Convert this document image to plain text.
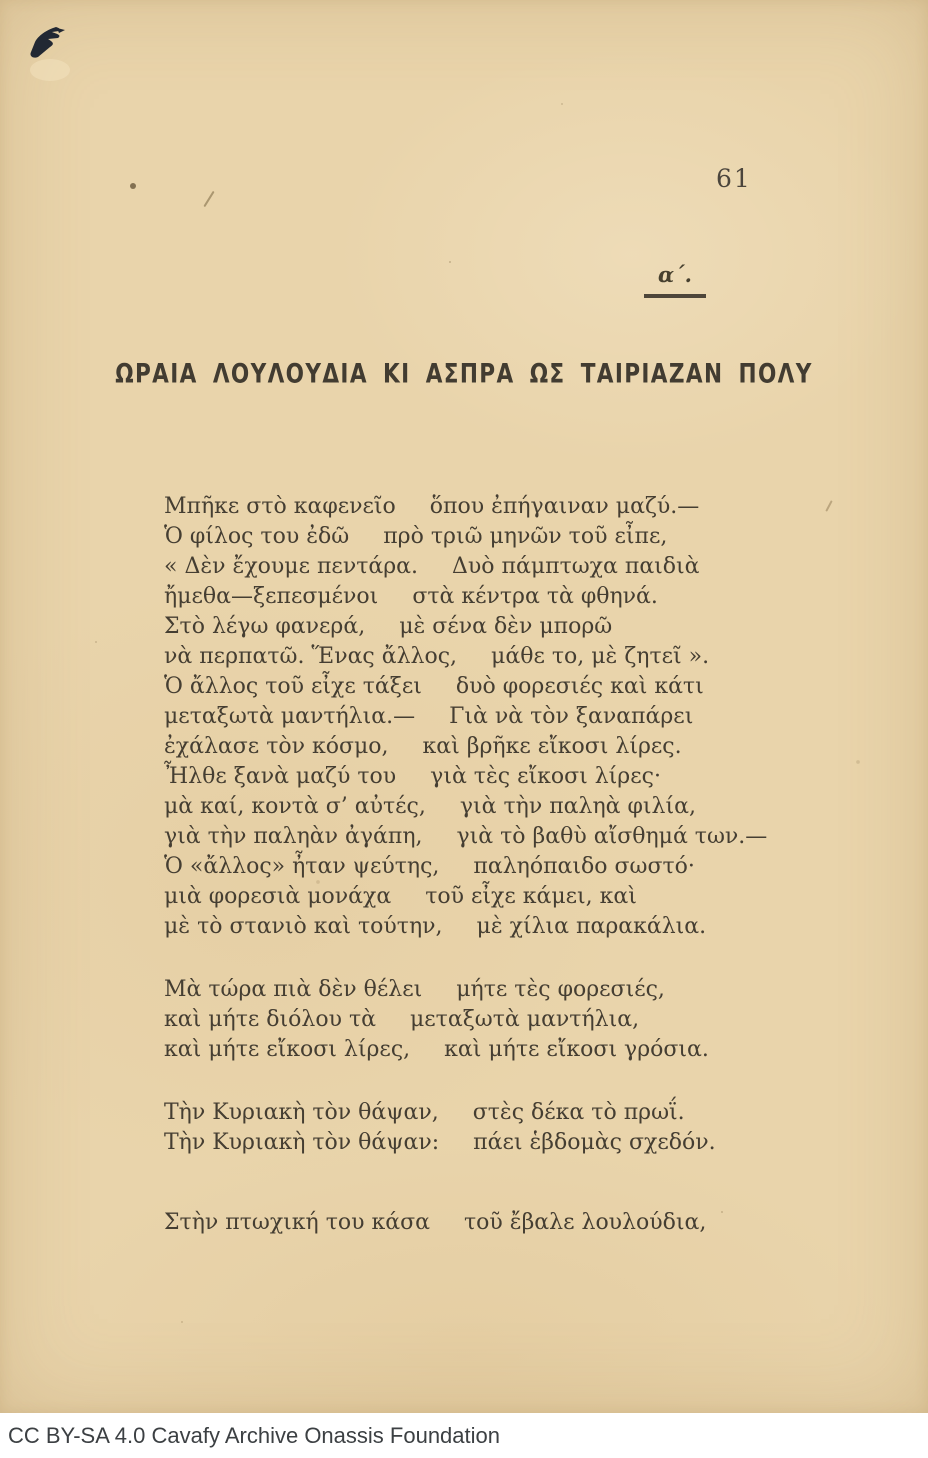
61
α´.
ΩΡΑΙΑ ΛΟΥΛΟΥΔΙΑ ΚΙ ΑΣΠΡΑ ΩΣ ΤΑΙΡΙΑΖΑΝ ΠΟΛΥ
Μπῆκε στὸ καφενεῖο ὅπου ἐπήγαιναν μαζύ.—
Ὁ φίλος του ἐδῶ πρὸ τριῶ μηνῶν τοῦ εἶπε,
« Δὲν ἔχουμε πεντάρα. Δυὸ πάμπτωχα παιδιὰ
ἤμεθα—ξεπεσμένοι στὰ κέντρα τὰ φθηνά.
Στὸ λέγω φανερά, μὲ σένα δὲν μπορῶ
νὰ περπατῶ. Ἕνας ἄλλος, μάθε το, μὲ ζητεῖ ».
Ὁ ἄλλος τοῦ εἶχε τάξει δυὸ φορεσιές καὶ κάτι
μεταξωτὰ μαντήλια.— Γιὰ νὰ τὸν ξαναπάρει
ἐχάλασε τὸν κόσμο, καὶ βρῆκε εἴκοσι λίρες.
Ἦλθε ξανὰ μαζύ του γιὰ τὲς εἴκοσι λίρες·
μὰ καί, κοντὰ σ’ αὐτές, γιὰ τὴν παληὰ φιλία,
γιὰ τὴν παληὰν ἀγάπη, γιὰ τὸ βαθὺ αἴσθημά των.—
Ὁ «ἄλλος» ἦταν ψεύτης, παληόπαιδο σωστό·
μιὰ φορεσιὰ μονάχα τοῦ εἶχε κάμει, καὶ
μὲ τὸ στανιὸ καὶ τούτην, μὲ χίλια παρακάλια.
Μὰ τώρα πιὰ δὲν θέλει μήτε τὲς φορεσιές,
καὶ μήτε διόλου τὰ μεταξωτὰ μαντήλια,
καὶ μήτε εἴκοσι λίρες, καὶ μήτε εἴκοσι γρόσια.
Τὴν Κυριακὴ τὸν θάψαν, στὲς δέκα τὸ πρωΐ.
Τὴν Κυριακὴ τὸν θάψαν: πάει ἑβδομὰς σχεδόν.
Στὴν πτωχική του κάσα τοῦ ἔβαλε λουλούδια,
CC BY-SA 4.0 Cavafy Archive Onassis Foundation
